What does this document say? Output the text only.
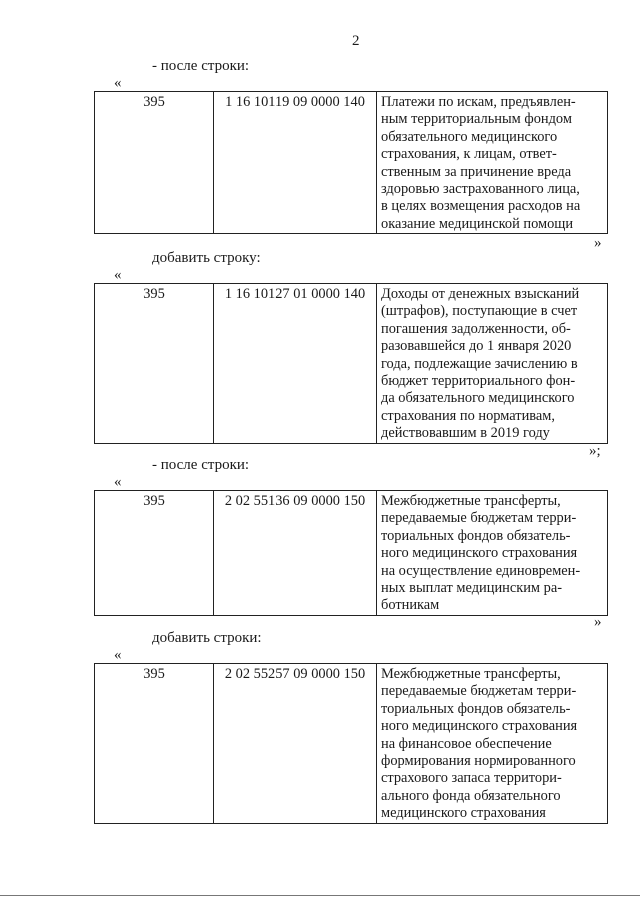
2
- после строки:
«
395	1 16 10119 09 0000 140	Платежи по искам, предъявлен-
ным территориальным фондом
обязательного медицинского
страхования, к лицам, ответ-
ственным за причинение вреда
здоровью застрахованного лица,
в целях возмещения расходов на
оказание медицинской помощи
»
добавить строку:
«
395	1 16 10127 01 0000 140	Доходы от денежных взысканий
(штрафов), поступающие в счет
погашения задолженности, об-
разовавшейся до 1 января 2020
года, подлежащие зачислению в
бюджет территориального фон-
да обязательного медицинского
страхования по нормативам,
действовавшим в 2019 году
»;
- после строки:
«
395	2 02 55136 09 0000 150	Межбюджетные трансферты,
передаваемые бюджетам терри-
ториальных фондов обязатель-
ного медицинского страхования
на осуществление единовремен-
ных выплат медицинским ра-
ботникам
»
добавить строки:
«
395	2 02 55257 09 0000 150	Межбюджетные трансферты,
передаваемые бюджетам терри-
ториальных фондов обязатель-
ного медицинского страхования
на финансовое обеспечение
формирования нормированного
страхового запаса территори-
ального фонда обязательного
медицинского страхования
